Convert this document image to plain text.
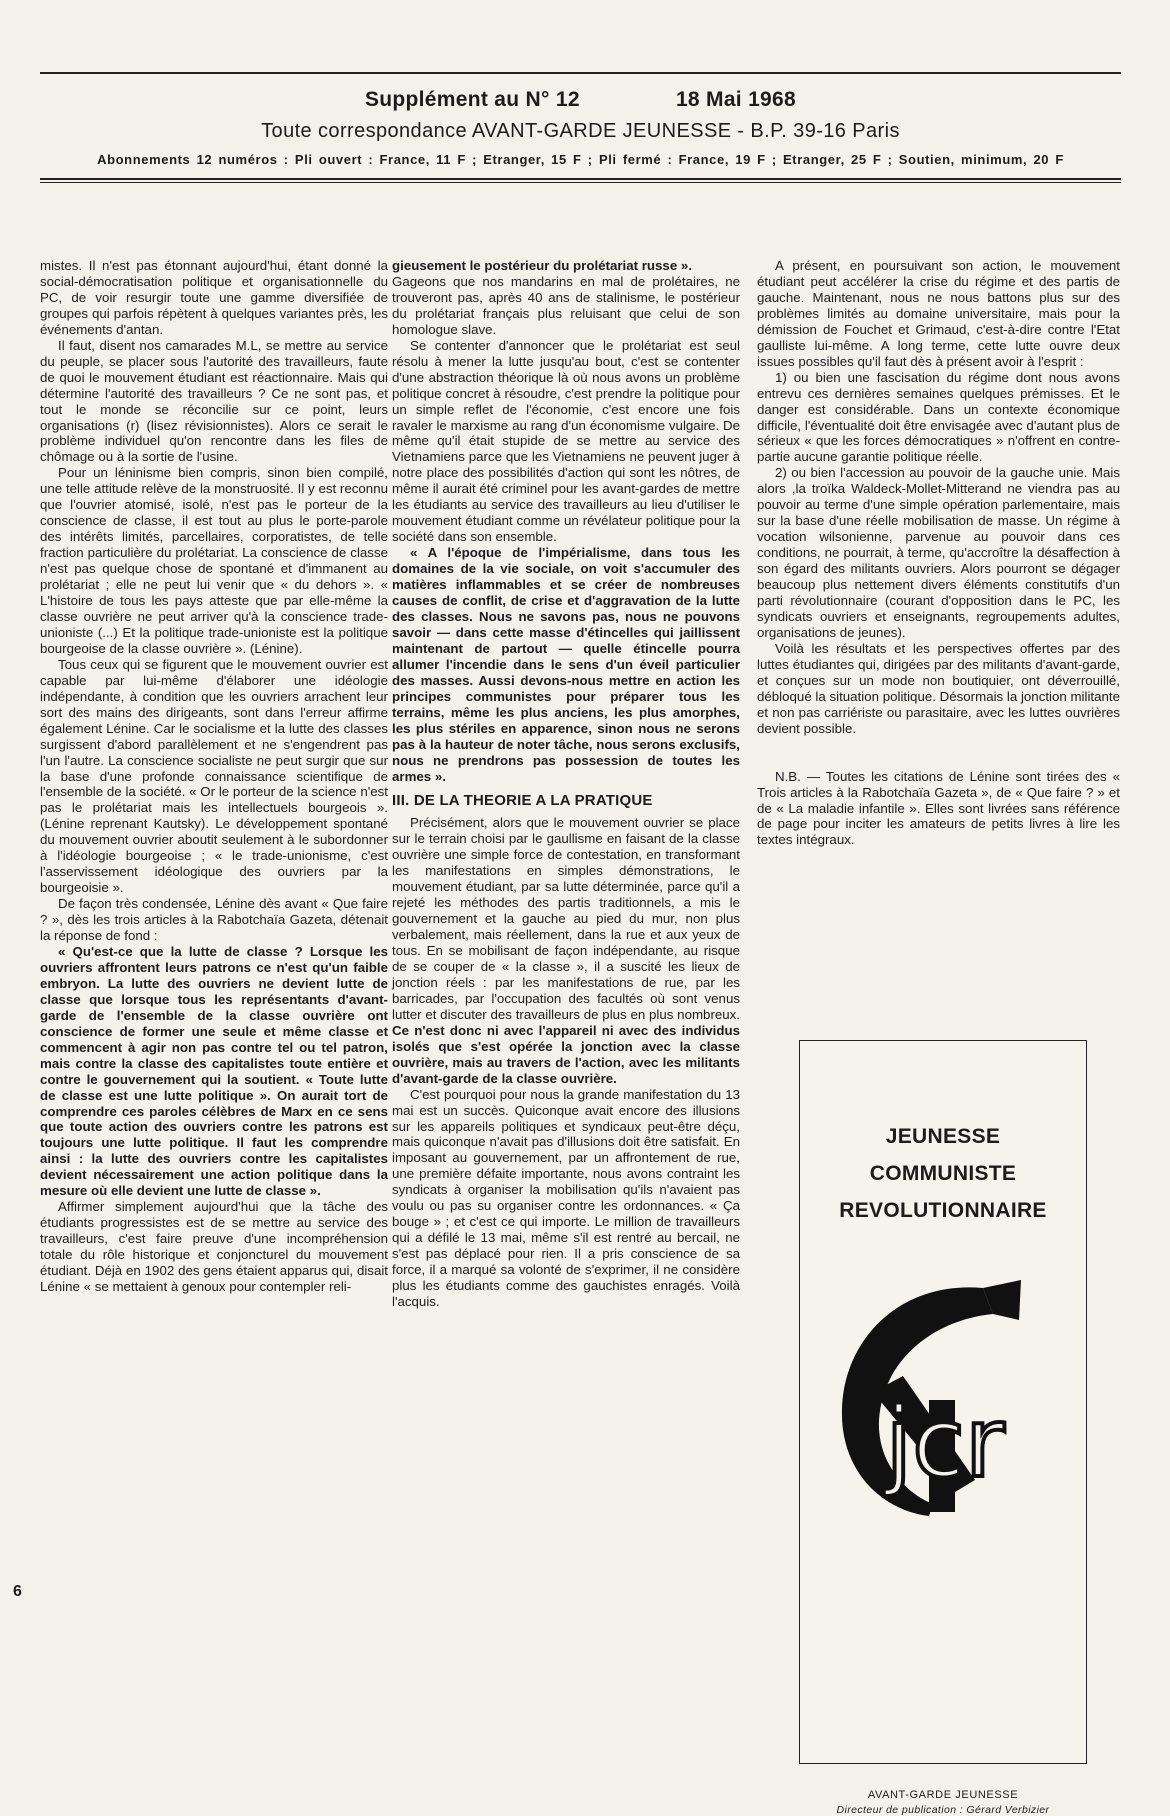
Supplément au N° 12	18 Mai 1968
Toute correspondance AVANT-GARDE JEUNESSE - B.P. 39-16 Paris
Abonnements 12 numéros : Pli ouvert : France, 11 F ; Etranger, 15 F ; Pli fermé : France, 19 F ; Etranger, 25 F ; Soutien, minimum, 20 F

mistes. Il n'est pas étonnant aujourd'hui, étant donné la social-démocratisation politique et organisationnelle du PC, de voir resurgir toute une gamme diversifiée de groupes qui parfois répètent à quelques variantes près, les événements d'antan.

Il faut, disent nos camarades M.L, se mettre au service du peuple, se placer sous l'autorité des travailleurs, faute de quoi le mouvement étudiant est réactionnaire. Mais qui détermine l'autorité des travailleurs ? Ce ne sont pas, et tout le monde se réconcilie sur ce point, leurs organisations (r) (lisez révisionnistes). Alors ce serait le problème individuel qu'on rencontre dans les files de chômage ou à la sortie de l'usine.

Pour un léninisme bien compris, sinon bien compilé, une telle attitude relève de la monstruosité. Il y est reconnu que l'ouvrier atomisé, isolé, n'est pas le porteur de la conscience de classe, il est tout au plus le porte-parole des intérêts limités, parcellaires, corporatistes, de telle fraction particulière du prolétariat. La conscience de classe n'est pas quelque chose de spontané et d'immanent au prolétariat ; elle ne peut lui venir que « du dehors ». « L'histoire de tous les pays atteste que par elle-même la classe ouvrière ne peut arriver qu'à la conscience trade-unioniste (...) Et la politique trade-unioniste est la politique bourgeoise de la classe ouvrière ». (Lénine).

Tous ceux qui se figurent que le mouvement ouvrier est capable par lui-même d'élaborer une idéologie indépendante, à condition que les ouvriers arrachent leur sort des mains des dirigeants, sont dans l'erreur affirme également Lénine. Car le socialisme et la lutte des classes surgissent d'abord parallèlement et ne s'engendrent pas l'un l'autre. La conscience socialiste ne peut surgir que sur la base d'une profonde connaissance scientifique de l'ensemble de la société. « Or le porteur de la science n'est pas le prolétariat mais les intellectuels bourgeois ». (Lénine reprenant Kautsky). Le développement spontané du mouvement ouvrier aboutit seulement à le subordonner à l'idéologie bourgeoise ; « le trade-unionisme, c'est l'asservissement idéologique des ouvriers par la bourgeoisie ».

De façon très condensée, Lénine dès avant « Que faire ? », dès les trois articles à la Rabotchaïa Gazeta, détenait la réponse de fond :

« Qu'est-ce que la lutte de classe ? Lorsque les ouvriers affrontent leurs patrons ce n'est qu'un faible embryon. La lutte des ouvriers ne devient lutte de classe que lorsque tous les représentants d'avant-garde de l'ensemble de la classe ouvrière ont conscience de former une seule et même classe et commencent à agir non pas contre tel ou tel patron, mais contre la classe des capitalistes toute entière et contre le gouvernement qui la soutient. « Toute lutte de classe est une lutte politique ». On aurait tort de comprendre ces paroles célèbres de Marx en ce sens que toute action des ouvriers contre les patrons est toujours une lutte politique. Il faut les comprendre ainsi : la lutte des ouvriers contre les capitalistes devient nécessairement une action politique dans la mesure où elle devient une lutte de classe ».

Affirmer simplement aujourd'hui que la tâche des étudiants progressistes est de se mettre au service des travailleurs, c'est faire preuve d'une incompréhension totale du rôle historique et conjoncturel du mouvement étudiant. Déjà en 1902 des gens étaient apparus qui, disait Lénine « se mettaient à genoux pour contempler reli-

gieusement le postérieur du prolétariat russe ».

Gageons que nos mandarins en mal de prolétaires, ne trouveront pas, après 40 ans de stalinisme, le postérieur du prolétariat français plus reluisant que celui de son homologue slave.

Se contenter d'annoncer que le prolétariat est seul résolu à mener la lutte jusqu'au bout, c'est se contenter d'une abstraction théorique là où nous avons un problème politique concret à résoudre, c'est prendre la politique pour un simple reflet de l'économie, c'est encore une fois ravaler le marxisme au rang d'un économisme vulgaire. De même qu'il était stupide de se mettre au service des Vietnamiens parce que les Vietnamiens ne peuvent juger à notre place des possibilités d'action qui sont les nôtres, de même il aurait été criminel pour les avant-gardes de mettre les étudiants au service des travailleurs au lieu d'utiliser le mouvement étudiant comme un révélateur politique pour la société dans son ensemble.

« A l'époque de l'impérialisme, dans tous les domaines de la vie sociale, on voit s'accumuler des matières inflammables et se créer de nombreuses causes de conflit, de crise et d'aggravation de la lutte des classes. Nous ne savons pas, nous ne pouvons savoir — dans cette masse d'étincelles qui jaillissent maintenant de partout — quelle étincelle pourra allumer l'incendie dans le sens d'un éveil particulier des masses. Aussi devons-nous mettre en action les principes communistes pour préparer tous les terrains, même les plus anciens, les plus amorphes, les plus stériles en apparence, sinon nous ne serons pas à la hauteur de noter tâche, nous serons exclusifs, nous ne prendrons pas possession de toutes les armes ».

III. DE LA THEORIE A LA PRATIQUE

Précisément, alors que le mouvement ouvrier se place sur le terrain choisi par le gaullisme en faisant de la classe ouvrière une simple force de contestation, en transformant les manifestations en simples démonstrations, le mouvement étudiant, par sa lutte déterminée, parce qu'il a rejeté les méthodes des partis traditionnels, a mis le gouvernement et la gauche au pied du mur, non plus verbalement, mais réellement, dans la rue et aux yeux de tous. En se mobilisant de façon indépendante, au risque de se couper de « la classe », il a suscité les lieux de jonction réels : par les manifestations de rue, par les barricades, par l'occupation des facultés où sont venus lutter et discuter des travailleurs de plus en plus nombreux. Ce n'est donc ni avec l'appareil ni avec des individus isolés que s'est opérée la jonction avec la classe ouvrière, mais au travers de l'action, avec les militants d'avant-garde de la classe ouvrière.

C'est pourquoi pour nous la grande manifestation du 13 mai est un succès. Quiconque avait encore des illusions sur les appareils politiques et syndicaux peut-être déçu, mais quiconque n'avait pas d'illusions doit être satisfait. En imposant au gouvernement, par un affrontement de rue, une première défaite importante, nous avons contraint les syndicats à organiser la mobilisation qu'ils n'avaient pas voulu ou pas su organiser contre les ordonnances. « Ça bouge » ; et c'est ce qui importe. Le million de travailleurs qui a défilé le 13 mai, même s'il est rentré au bercail, ne s'est pas déplacé pour rien. Il a pris conscience de sa force, il a marqué sa volonté de s'exprimer, il ne considère plus les étudiants comme des gauchistes enragés. Voilà l'acquis.

A présent, en poursuivant son action, le mouvement étudiant peut accélérer la crise du régime et des partis de gauche. Maintenant, nous ne nous battons plus sur des problèmes limités au domaine universitaire, mais pour la démission de Fouchet et Grimaud, c'est-à-dire contre l'Etat gaulliste lui-même. A long terme, cette lutte ouvre deux issues possibles qu'il faut dès à présent avoir à l'esprit :

1) ou bien une fascisation du régime dont nous avons entrevu ces dernières semaines quelques prémisses. Et le danger est considérable. Dans un contexte économique difficile, l'éventualité doit être envisagée avec d'autant plus de sérieux « que les forces démocratiques » n'offrent en contre-partie aucune garantie politique réelle.

2) ou bien l'accession au pouvoir de la gauche unie. Mais alors ,la troïka Waldeck-Mollet-Mitterand ne viendra pas au pouvoir au terme d'une simple opération parlementaire, mais sur la base d'une réelle mobilisation de masse. Un régime à vocation wilsonienne, parvenue au pouvoir dans ces conditions, ne pourrait, à terme, qu'accroître la désaffection à son égard des militants ouvriers. Alors pourront se dégager beaucoup plus nettement divers éléments constitutifs d'un parti révolutionnaire (courant d'opposition dans le PC, les syndicats ouvriers et enseignants, regroupements adultes, organisations de jeunes).

Voilà les résultats et les perspectives offertes par des luttes étudiantes qui, dirigées par des militants d'avant-garde, et conçues sur un mode non boutiquier, ont déverrouillé, débloqué la situation politique. Désormais la jonction militante et non pas carriériste ou parasitaire, avec les luttes ouvrières devient possible.

N.B. — Toutes les citations de Lénine sont tirées des « Trois articles à la Rabotchaïa Gazeta », de « Que faire ? » et de « La maladie infantile ». Elles sont livrées sans référence de page pour inciter les amateurs de petits livres à lire les textes intégraux.

JEUNESSE
COMMUNISTE
REVOLUTIONNAIRE
jcr
AVANT-GARDE JEUNESSE
Directeur de publication : Gérard Verbizier
6
